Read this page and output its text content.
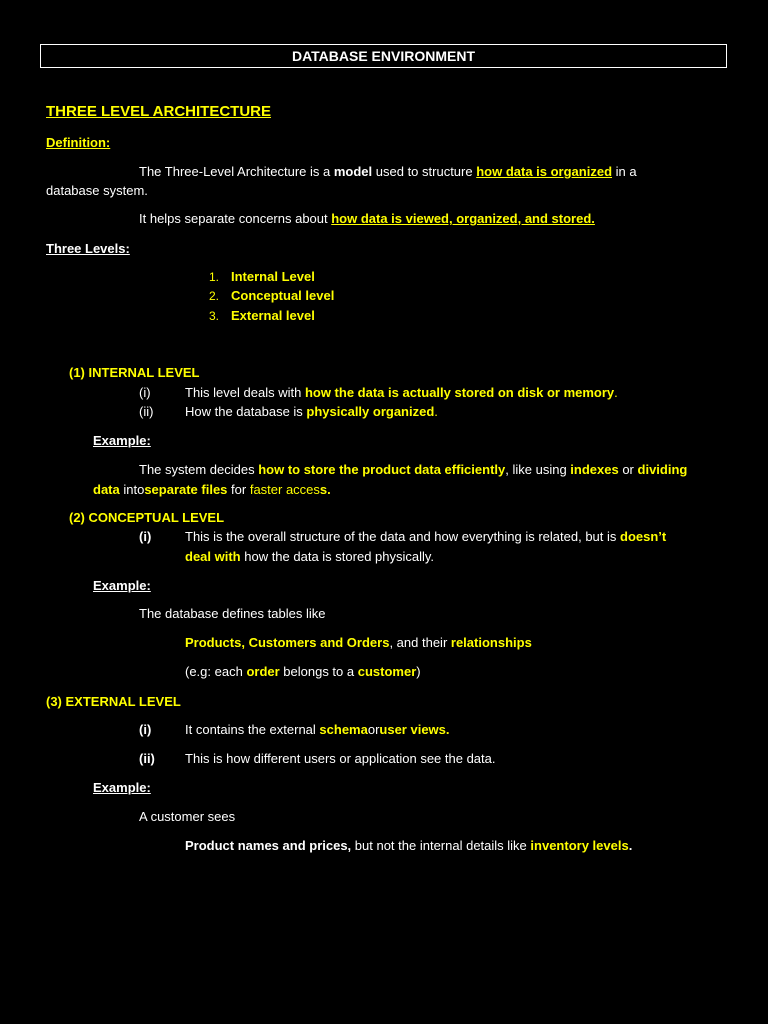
DATABASE ENVIRONMENT
THREE LEVEL ARCHITECTURE
Definition:
The Three-Level Architecture is a model used to structure how data is organized in a
database system.
It helps separate concerns about how data is viewed, organized, and stored.
Three Levels:
1. Internal Level
2. Conceptual level
3. External level
(1) INTERNAL LEVEL
(i)	This level deals with how the data is actually stored on disk or memory.
(ii) How the database is physically organized.
Example:
The system decides how to store the product data efficiently, like using indexes or dividing
data intoseparate files for faster access.
(2) CONCEPTUAL LEVEL
(i)	This is the overall structure of the data and how everything is related, but is doesn’t
deal with how the data is stored physically.
Example:
The database defines tables like
Products, Customers and Orders, and their relationships
(e.g: each order belongs to a customer)
(3) EXTERNAL LEVEL
(i)	It contains the external schemaoruser views.
(ii) This is how different users or application see the data.
Example:
A customer sees
Product names and prices, but not the internal details like inventory levels.
